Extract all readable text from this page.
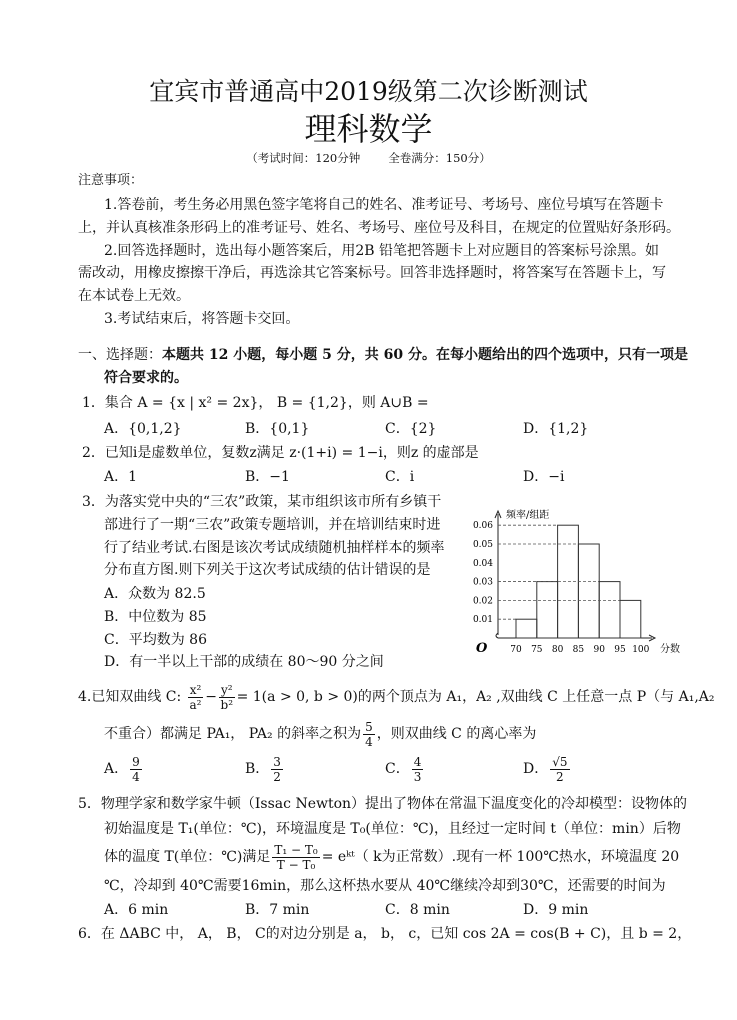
宜宾市普通高中2019级第二次诊断测试
理科数学
（考试时间：120分钟 全卷满分：150分）
注意事项：
1.答卷前，考生务必用黑色签字笔将自己的姓名、准考证号、考场号、座位号填写在答题卡
上，并认真核准条形码上的准考证号、姓名、考场号、座位号及科目，在规定的位置贴好条形码。
2.回答选择题时，选出每小题答案后，用2B 铅笔把答题卡上对应题目的答案标号涂黑。如
需改动，用橡皮擦擦干净后，再选涂其它答案标号。回答非选择题时，将答案写在答题卡上，写
在本试卷上无效。
3.考试结束后，将答题卡交回。
一、选择题：本题共 12 小题，每小题 5 分，共 60 分。在每小题给出的四个选项中，只有一项是
符合要求的。
1．集合 A = {x | x² = 2x}， B = {1,2}，则 A∪B =
A．{0,1,2}	B．{0,1}	C．{2}	D．{1,2}
2．已知i是虚数单位，复数z满足 z·(1+i) = 1−i，则z 的虚部是
A．1	B．−1	C．i	D．−i
3．为落实党中央的“三农”政策，某市组织该市所有乡镇干
部进行了一期“三农”政策专题培训，并在培训结束时进
行了结业考试.右图是该次考试成绩随机抽样样本的频率
分布直方图.则下列关于这次考试成绩的估计错误的是
A．众数为 82.5
B．中位数为 85
C．平均数为 86
D．有一半以上干部的成绩在 80～90 分之间
频率/组距
分数
O
0.01
0.02
0.03
0.04
0.05
0.06
70 75 80 85 90 95 100
4.已知双曲线 C: $\frac{\text{x²}}{\text{a²}} - \frac{\text{y²}}{\text{b²}} = 1(a > 0$, b > 0)的两个顶点为 A₁，A₂ ,双曲线 C 上任意一点 P（与 A₁,A₂
不重合）都满足 PA₁， PA₂ 的斜率之积为 $\frac{5}{4}$ ，则双曲线 C 的离心率为
A． $\frac{9}{4}$	B． $\frac{3}{2}$	C． $\frac{4}{3}$	D． $\frac{√5}{2}$
5．物理学家和数学家牛顿（Issac Newton）提出了物体在常温下温度变化的冷却模型：设物体的
初始温度是 T₁(单位：℃)，环境温度是 T₀(单位：℃)，且经过一定时间 t（单位：min）后物
体的温度 T(单位：℃)满足 $\frac{\text{T₁ − T₀}}{\text{T − T₀}}$ = eᵏᵗ（ k为正常数）.现有一杯 100℃热水，环境温度 20
℃，冷却到 40℃需要16min，那么这杯热水要从 40℃继续冷却到30℃，还需要的时间为
A．6 min	B．7 min	C．8 min	D．9 min
6．在 ΔABC 中， A， B， C的对边分别是 a， b， c，已知 cos 2A = cos(B + C)，且 b = 2，
